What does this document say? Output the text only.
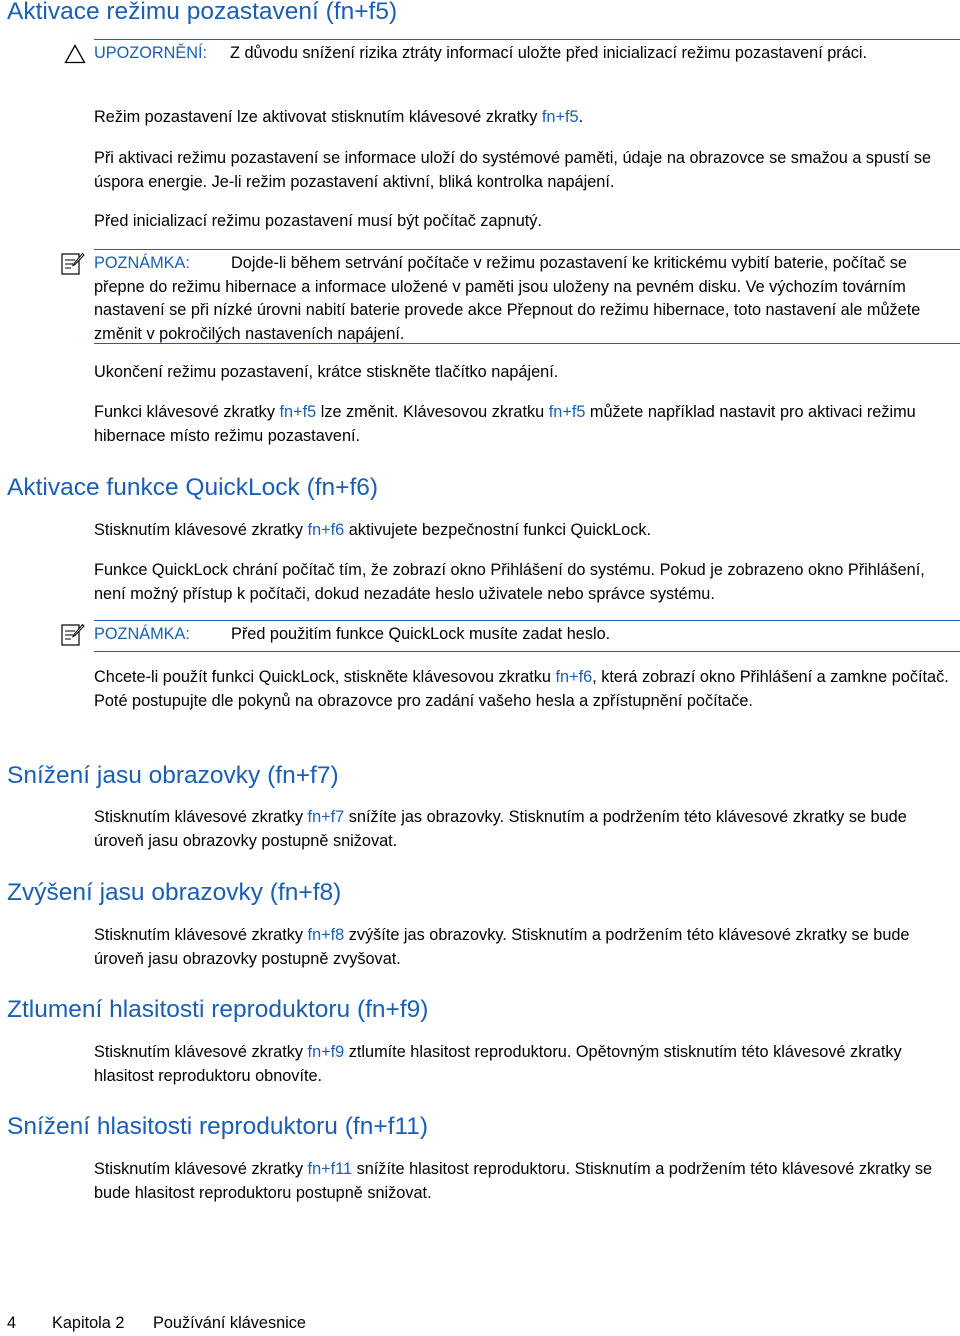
Aktivace režimu pozastavení (fn+f5)

UPOZORNĚNÍ: Z důvodu snížení rizika ztráty informací uložte před inicializací režimu pozastavení práci.

Režim pozastavení lze aktivovat stisknutím klávesové zkratky fn+f5.

Při aktivaci režimu pozastavení se informace uloží do systémové paměti, údaje na obrazovce se smažou a spustí se úspora energie. Je-li režim pozastavení aktivní, bliká kontrolka napájení.

Před inicializací režimu pozastavení musí být počítač zapnutý.

POZNÁMKA:	Dojde-li během setrvání počítače v režimu pozastavení ke kritickému vybití baterie, počítač se přepne do režimu hibernace a informace uložené v paměti jsou uloženy na pevném disku. Ve výchozím továrním nastavení se při nízké úrovni nabití baterie provede akce Přepnout do režimu hibernace, toto nastavení ale můžete změnit v pokročilých nastaveních napájení.

Ukončení režimu pozastavení, krátce stiskněte tlačítko napájení.

Funkci klávesové zkratky fn+f5 lze změnit. Klávesovou zkratku fn+f5 můžete například nastavit pro aktivaci režimu hibernace místo režimu pozastavení.

Aktivace funkce QuickLock (fn+f6)

Stisknutím klávesové zkratky fn+f6 aktivujete bezpečnostní funkci QuickLock.

Funkce QuickLock chrání počítač tím, že zobrazí okno Přihlášení do systému. Pokud je zobrazeno okno Přihlášení, není možný přístup k počítači, dokud nezadáte heslo uživatele nebo správce systému.

POZNÁMKA:	Před použitím funkce QuickLock musíte zadat heslo.

Chcete-li použít funkci QuickLock, stiskněte klávesovou zkratku fn+f6, která zobrazí okno Přihlášení a zamkne počítač. Poté postupujte dle pokynů na obrazovce pro zadání vašeho hesla a zpřístupnění počítače.

Snížení jasu obrazovky (fn+f7)

Stisknutím klávesové zkratky fn+f7 snížíte jas obrazovky. Stisknutím a podržením této klávesové zkratky se bude úroveň jasu obrazovky postupně snižovat.

Zvýšení jasu obrazovky (fn+f8)

Stisknutím klávesové zkratky fn+f8 zvýšíte jas obrazovky. Stisknutím a podržením této klávesové zkratky se bude úroveň jasu obrazovky postupně zvyšovat.

Ztlumení hlasitosti reproduktoru (fn+f9)

Stisknutím klávesové zkratky fn+f9 ztlumíte hlasitost reproduktoru. Opětovným stisknutím této klávesové zkratky hlasitost reproduktoru obnovíte.

Snížení hlasitosti reproduktoru (fn+f11)

Stisknutím klávesové zkratky fn+f11 snížíte hlasitost reproduktoru. Stisknutím a podržením této klávesové zkratky se bude hlasitost reproduktoru postupně snižovat.

4 Kapitola 2 Používání klávesnice
